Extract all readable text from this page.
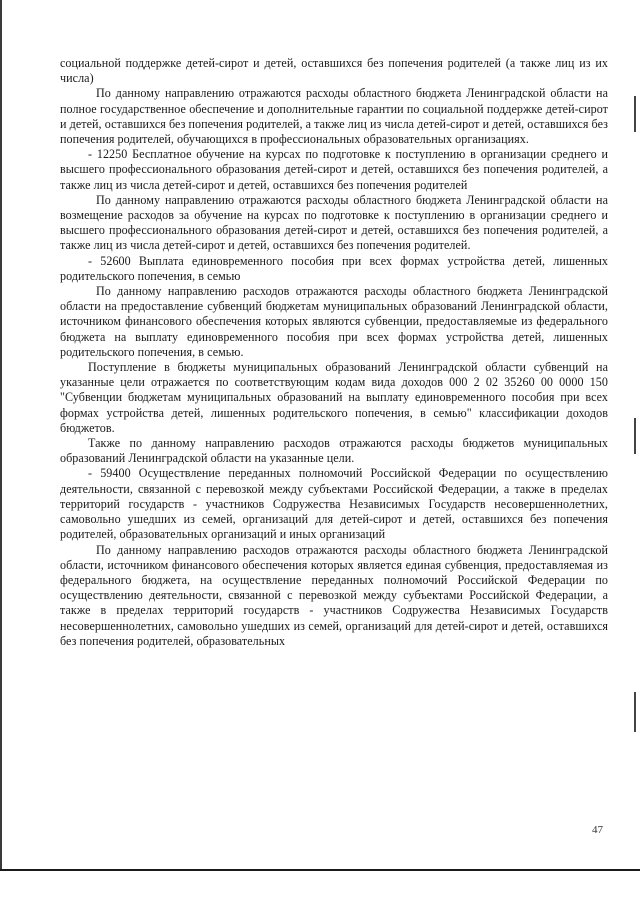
социальной поддержке детей-сирот и детей, оставшихся без попечения родителей (а также лиц из их числа)

По данному направлению отражаются расходы областного бюджета Ленинградской области на полное государственное обеспечение и дополнительные гарантии по социальной поддержке детей-сирот и детей, оставшихся без попечения родителей, а также лиц из числа детей-сирот и детей, оставшихся без попечения родителей, обучающихся в профессиональных образовательных организациях.

- 12250 Бесплатное обучение на курсах по подготовке к поступлению в организации среднего и высшего профессионального образования детей-сирот и детей, оставшихся без попечения родителей, а также лиц из числа детей-сирот и детей, оставшихся без попечения родителей

По данному направлению отражаются расходы областного бюджета Ленинградской области на возмещение расходов за обучение на курсах по подготовке к поступлению в организации среднего и высшего профессионального образования детей-сирот и детей, оставшихся без попечения родителей, а также лиц из числа детей-сирот и детей, оставшихся без попечения родителей.

- 52600 Выплата единовременного пособия при всех формах устройства детей, лишенных родительского попечения, в семью

По данному направлению расходов отражаются расходы областного бюджета Ленинградской области на предоставление субвенций бюджетам муниципальных образований Ленинградской области, источником финансового обеспечения которых являются субвенции, предоставляемые из федерального бюджета на выплату единовременного пособия при всех формах устройства детей, лишенных родительского попечения, в семью.

Поступление в бюджеты муниципальных образований Ленинградской области субвенций на указанные цели отражается по соответствующим кодам вида доходов 000 2 02 35260 00 0000 150 "Субвенции бюджетам муниципальных образований на выплату единовременного пособия при всех формах устройства детей, лишенных родительского попечения, в семью" классификации доходов бюджетов.

Также по данному направлению расходов отражаются расходы бюджетов муниципальных образований Ленинградской области на указанные цели.

- 59400 Осуществление переданных полномочий Российской Федерации по осуществлению деятельности, связанной с перевозкой между субъектами Российской Федерации, а также в пределах территорий государств - участников Содружества Независимых Государств несовершеннолетних, самовольно ушедших из семей, организаций для детей-сирот и детей, оставшихся без попечения родителей, образовательных организаций и иных организаций

По данному направлению расходов отражаются расходы областного бюджета Ленинградской области, источником финансового обеспечения которых является единая субвенция, предоставляемая из федерального бюджета, на осуществление переданных полномочий Российской Федерации по осуществлению деятельности, связанной с перевозкой между субъектами Российской Федерации, а также в пределах территорий государств - участников Содружества Независимых Государств несовершеннолетних, самовольно ушедших из семей, организаций для детей-сирот и детей, оставшихся без попечения родителей, образовательных

47
